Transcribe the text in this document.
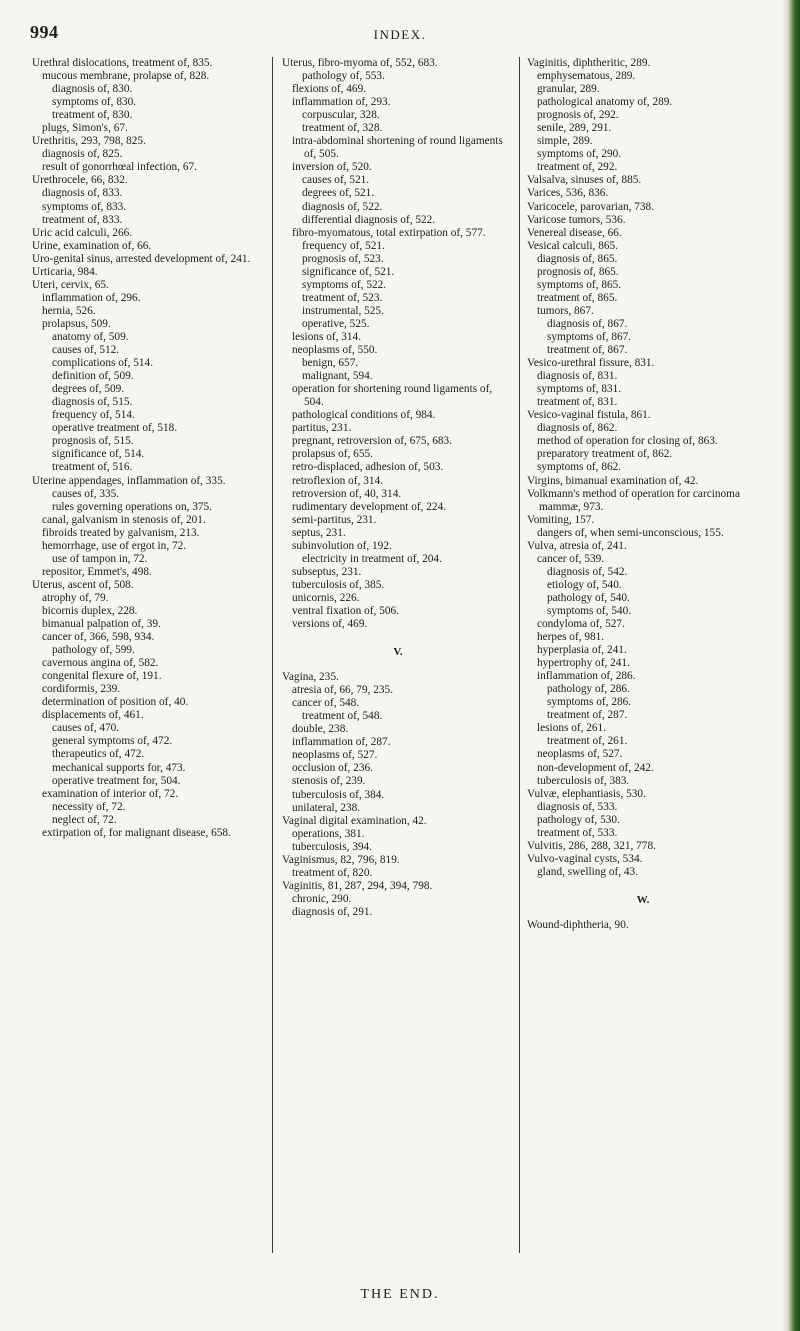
994	INDEX.
Urethral dislocations, treatment of, 835.
mucous membrane, prolapse of, 828.
diagnosis of, 830.
symptoms of, 830.
treatment of, 830.
plugs, Simon's, 67.
Urethritis, 293, 798, 825.
diagnosis of, 825.
result of gonorrhœal infection, 67.
Urethrocele, 66, 832.
diagnosis of, 833.
symptoms of, 833.
treatment of, 833.
Uric acid calculi, 266.
Urine, examination of, 66.
Uro-genital sinus, arrested development of, 241.
Urticaria, 984.
Uteri, cervix, 65.
inflammation of, 296.
hernia, 526.
prolapsus, 509.
anatomy of, 509.
causes of, 512.
complications of, 514.
definition of, 509.
degrees of, 509.
diagnosis of, 515.
frequency of, 514.
operative treatment of, 518.
prognosis of, 515.
significance of, 514.
treatment of, 516.
Uterine appendages, inflammation of, 335.
causes of, 335.
rules governing operations on, 375.
canal, galvanism in stenosis of, 201.
fibroids treated by galvanism, 213.
hemorrhage, use of ergot in, 72.
use of tampon in, 72.
repositor, Emmet's, 498.
Uterus, ascent of, 508.
atrophy of, 79.
bicornis duplex, 228.
bimanual palpation of, 39.
cancer of, 366, 598, 934.
pathology of, 599.
cavernous angina of, 582.
congenital flexure of, 191.
cordiformis, 239.
determination of position of, 40.
displacements of, 461.
causes of, 470.
general symptoms of, 472.
therapeutics of, 472.
mechanical supports for, 473.
operative treatment for, 504.
examination of interior of, 72.
necessity of, 72.
neglect of, 72.
extirpation of, for malignant disease, 658.
Uterus, fibro-myoma of, 552, 683.
pathology of, 553.
flexions of, 469.
inflammation of, 293.
corpuscular, 328.
treatment of, 328.
intra-abdominal shortening of round ligaments of, 505.
inversion of, 520.
causes of, 521.
degrees of, 521.
diagnosis of, 522.
differential diagnosis of, 522.
fibro-myomatous, total extirpation of, 577.
frequency of, 521.
prognosis of, 523.
significance of, 521.
symptoms of, 522.
treatment of, 523.
instrumental, 525.
operative, 525.
lesions of, 314.
neoplasms of, 550.
benign, 657.
malignant, 594.
operation for shortening round ligaments of, 504.
pathological conditions of, 984.
partitus, 231.
pregnant, retroversion of, 675, 683.
prolapsus of, 655.
retro-displaced, adhesion of, 503.
retroflexion of, 314.
retroversion of, 40, 314.
rudimentary development of, 224.
semi-partitus, 231.
septus, 231.
subinvolution of, 192.
electricity in treatment of, 204.
subseptus, 231.
tuberculosis of, 385.
unicornis, 226.
ventral fixation of, 506.
versions of, 469.
V.
Vagina, 235.
atresia of, 66, 79, 235.
cancer of, 548.
treatment of, 548.
double, 238.
inflammation of, 287.
neoplasms of, 527.
occlusion of, 236.
stenosis of, 239.
tuberculosis of, 384.
unilateral, 238.
Vaginal digital examination, 42.
operations, 381.
tuberculosis, 394.
Vaginismus, 82, 796, 819.
treatment of, 820.
Vaginitis, 81, 287, 294, 394, 798.
chronic, 290.
diagnosis of, 291.
Vaginitis, diphtheritic, 289.
emphysematous, 289.
granular, 289.
pathological anatomy of, 289.
prognosis of, 292.
senile, 289, 291.
simple, 289.
symptoms of, 290.
treatment of, 292.
Valsalva, sinuses of, 885.
Varices, 536, 836.
Varicocele, parovarian, 738.
Varicose tumors, 536.
Venereal disease, 66.
Vesical calculi, 865.
diagnosis of, 865.
prognosis of, 865.
symptoms of, 865.
treatment of, 865.
tumors, 867.
diagnosis of, 867.
symptoms of, 867.
treatment of, 867.
Vesico-urethral fissure, 831.
diagnosis of, 831.
symptoms of, 831.
treatment of, 831.
Vesico-vaginal fistula, 861.
diagnosis of, 862.
method of operation for closing of, 863.
preparatory treatment of, 862.
symptoms of, 862.
Virgins, bimanual examination of, 42.
Volkmann's method of operation for carcinoma mammæ, 973.
Vomiting, 157.
dangers of, when semi-unconscious, 155.
Vulva, atresia of, 241.
cancer of, 539.
diagnosis of, 542.
etiology of, 540.
pathology of, 540.
symptoms of, 540.
condyloma of, 527.
herpes of, 981.
hyperplasia of, 241.
hypertrophy of, 241.
inflammation of, 286.
pathology of, 286.
symptoms of, 286.
treatment of, 287.
lesions of, 261.
treatment of, 261.
neoplasms of, 527.
non-development of, 242.
tuberculosis of, 383.
Vulvæ, elephantiasis, 530.
diagnosis of, 533.
pathology of, 530.
treatment of, 533.
Vulvitis, 286, 288, 321, 778.
Vulvo-vaginal cysts, 534.
gland, swelling of, 43.
W.
Wound-diphtheria, 90.
THE END.
